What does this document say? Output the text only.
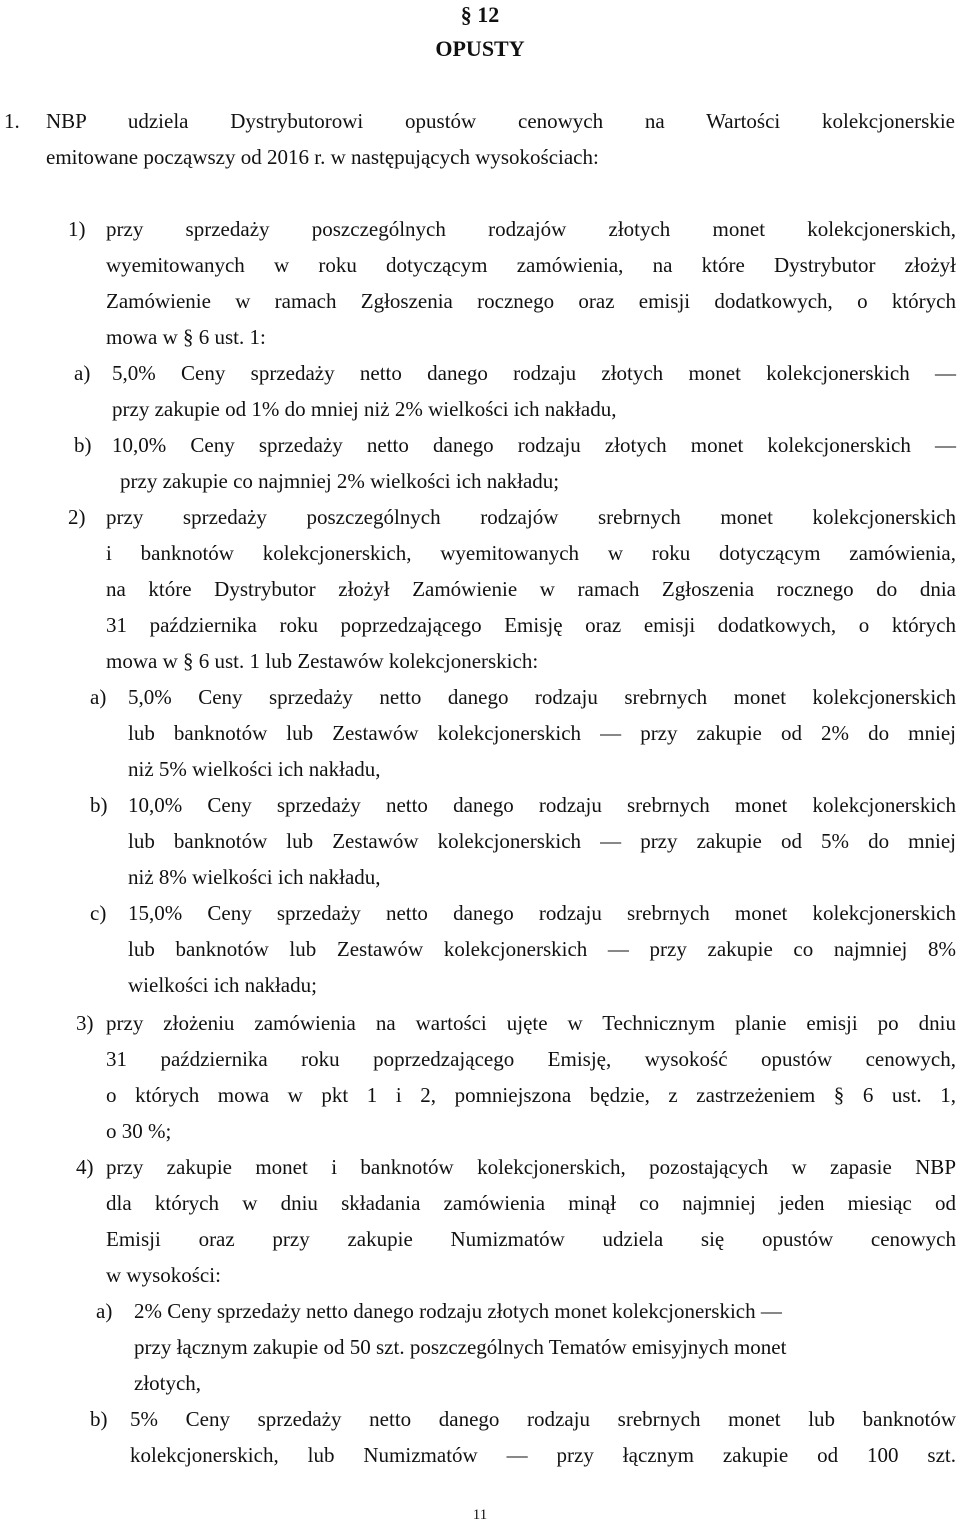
§ 12
OPUSTY
1. NBP udziela Dystrybutorowi opustów cenowych na Wartości kolekcjonerskie
emitowane począwszy od 2016 r. w następujących wysokościach:
1) przy sprzedaży poszczególnych rodzajów złotych monet kolekcjonerskich,
wyemitowanych w roku dotyczącym zamówienia, na które Dystrybutor złożył
Zamówienie w ramach Zgłoszenia rocznego oraz emisji dodatkowych, o których
mowa w § 6 ust. 1:
a) 5,0% Ceny sprzedaży netto danego rodzaju złotych monet kolekcjonerskich —
przy zakupie od 1% do mniej niż 2% wielkości ich nakładu,
b) 10,0% Ceny sprzedaży netto danego rodzaju złotych monet kolekcjonerskich —
przy zakupie co najmniej 2% wielkości ich nakładu;
2) przy sprzedaży poszczególnych rodzajów srebrnych monet kolekcjonerskich
i banknotów kolekcjonerskich, wyemitowanych w roku dotyczącym zamówienia,
na które Dystrybutor złożył Zamówienie w ramach Zgłoszenia rocznego do dnia
31 października roku poprzedzającego Emisję oraz emisji dodatkowych, o których
mowa w § 6 ust. 1 lub Zestawów kolekcjonerskich:
a) 5,0% Ceny sprzedaży netto danego rodzaju srebrnych monet kolekcjonerskich
lub banknotów lub Zestawów kolekcjonerskich — przy zakupie od 2% do mniej
niż 5% wielkości ich nakładu,
b) 10,0% Ceny sprzedaży netto danego rodzaju srebrnych monet kolekcjonerskich
lub banknotów lub Zestawów kolekcjonerskich — przy zakupie od 5% do mniej
niż 8% wielkości ich nakładu,
c) 15,0% Ceny sprzedaży netto danego rodzaju srebrnych monet kolekcjonerskich
lub banknotów lub Zestawów kolekcjonerskich — przy zakupie co najmniej 8%
wielkości ich nakładu;
3) przy złożeniu zamówienia na wartości ujęte w Technicznym planie emisji po dniu
31 października roku poprzedzającego Emisję, wysokość opustów cenowych,
o których mowa w pkt 1 i 2, pomniejszona będzie, z zastrzeżeniem § 6 ust. 1,
o 30 %;
4) przy zakupie monet i banknotów kolekcjonerskich, pozostających w zapasie NBP
dla których w dniu składania zamówienia minął co najmniej jeden miesiąc od
Emisji oraz przy zakupie Numizmatów udziela się opustów cenowych
w wysokości:
a) 2% Ceny sprzedaży netto danego rodzaju złotych monet kolekcjonerskich —
przy łącznym zakupie od 50 szt. poszczególnych Tematów emisyjnych monet
złotych,
b) 5% Ceny sprzedaży netto danego rodzaju srebrnych monet lub banknotów
kolekcjonerskich, lub Numizmatów — przy łącznym zakupie od 100 szt.
11
